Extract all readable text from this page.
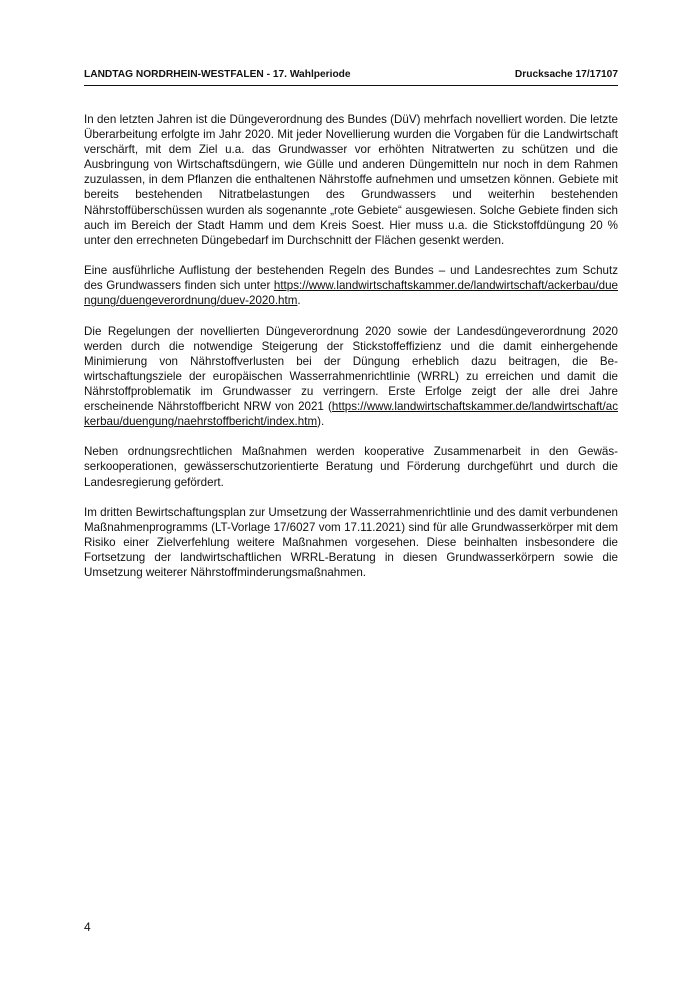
LANDTAG NORDRHEIN-WESTFALEN - 17. Wahlperiode	Drucksache 17/17107

In den letzten Jahren ist die Düngeverordnung des Bundes (DüV) mehrfach novelliert worden. Die letzte Überarbeitung erfolgte im Jahr 2020. Mit jeder Novellierung wurden die Vorgaben für die Landwirtschaft verschärft, mit dem Ziel u.a. das Grundwasser vor erhöhten Nitratwerten zu schützen und die Ausbringung von Wirtschaftsdüngern, wie Gülle und anderen Düngemitteln nur noch in dem Rahmen zuzulassen, in dem Pflanzen die enthaltenen Nährstoffe aufnehmen und umsetzen können. Gebiete mit bereits bestehenden Nitratbelastungen des Grundwassers und weiterhin bestehenden Nährstoffüberschüssen wurden als sogenannte „rote Gebiete“ ausgewiesen. Solche Gebiete finden sich auch im Bereich der Stadt Hamm und dem Kreis Soest. Hier muss u.a. die Stickstoffdüngung 20 % unter den errechneten Düngebedarf im Durchschnitt der Flächen gesenkt werden.

Eine ausführliche Auflistung der bestehenden Regeln des Bundes – und Landesrechtes zum Schutz des Grundwassers finden sich unter https://www.landwirtschaftskammer.de/landwirtschaft/ackerbau/duengung/duengeverordnung/duev-2020.htm.

Die Regelungen der novellierten Düngeverordnung 2020 sowie der Landesdüngeverordnung 2020 werden durch die notwendige Steigerung der Stickstoffeffizienz und die damit einhergehende Minimierung von Nährstoffverlusten bei der Düngung erheblich dazu beitragen, die Bewirtschaftungsziele der europäischen Wasserrahmenrichtlinie (WRRL) zu erreichen und damit die Nährstoffproblematik im Grundwasser zu verringern. Erste Erfolge zeigt der alle drei Jahre erscheinende Nährstoffbericht NRW von 2021 (https://www.landwirtschaftskammer.de/landwirtschaft/ackerbau/duengung/naehrstoffbericht/index.htm).

Neben ordnungsrechtlichen Maßnahmen werden kooperative Zusammenarbeit in den Gewässerkooperationen, gewässerschutzorientierte Beratung und Förderung durchgeführt und durch die Landesregierung gefördert.

Im dritten Bewirtschaftungsplan zur Umsetzung der Wasserrahmenrichtlinie und des damit verbundenen Maßnahmenprogramms (LT-Vorlage 17/6027 vom 17.11.2021) sind für alle Grundwasserkörper mit dem Risiko einer Zielverfehlung weitere Maßnahmen vorgesehen. Diese beinhalten insbesondere die Fortsetzung der landwirtschaftlichen WRRL-Beratung in diesen Grundwasserkörpern sowie die Umsetzung weiterer Nährstoffminderungsmaßnahmen.

4
